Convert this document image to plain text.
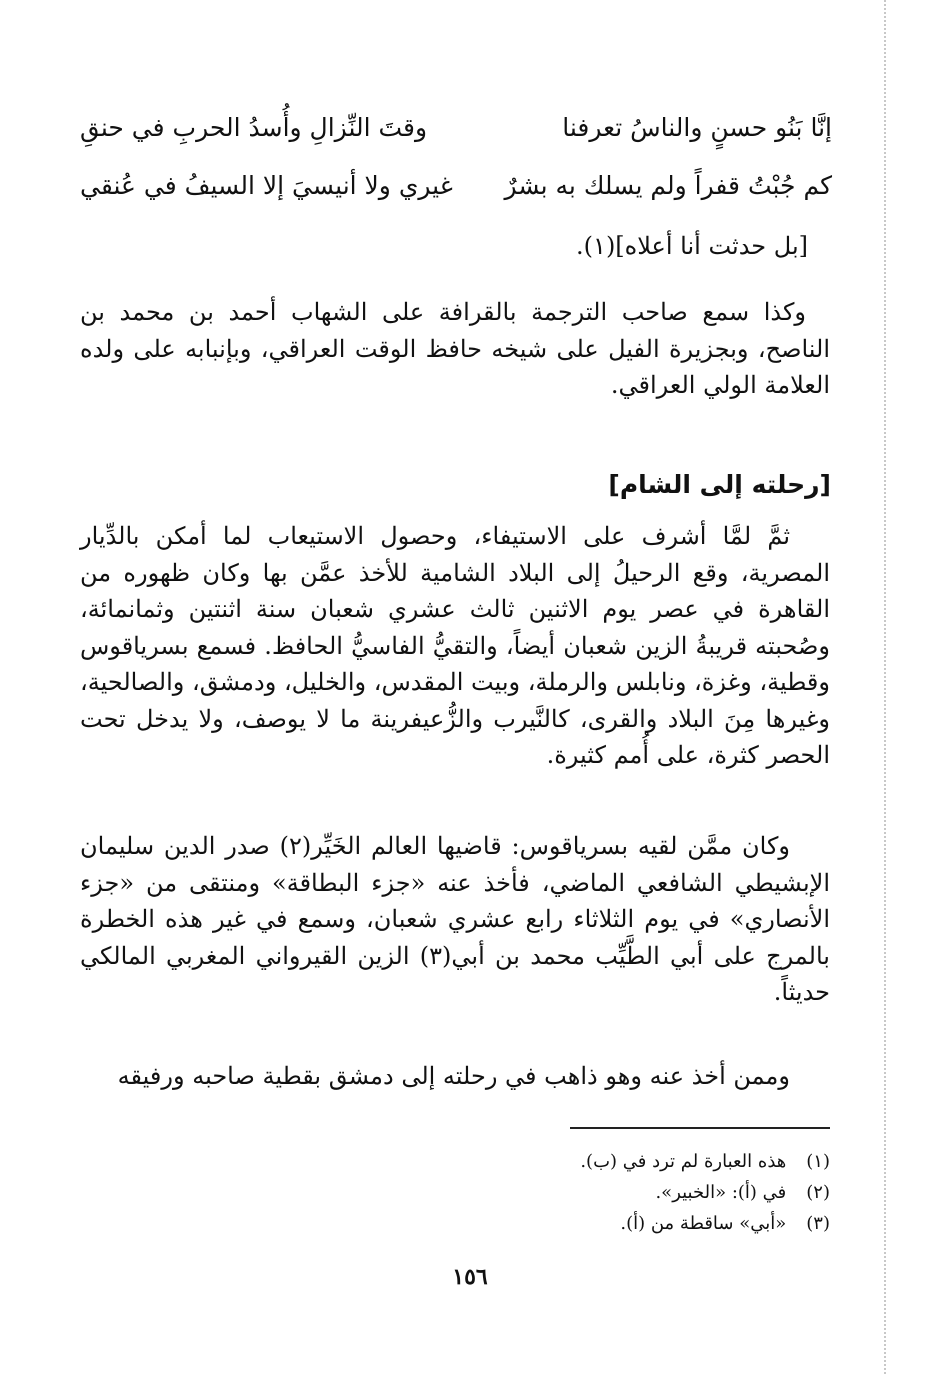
إنَّا بَنُو حسنٍ والناسُ تعرفنا
وقتَ النِّزالِ وأُسدُ الحربِ في حنقِ
كم جُبْتُ قفراً ولم يسلك به بشرٌ
غيري ولا أنيسيَ إلا السيفُ في عُنقي

[بل حدثت أنا أعلاه](١).

وكذا سمع صاحب الترجمة بالقرافة على الشهاب أحمد بن محمد بن الناصح، وبجزيرة الفيل على شيخه حافظ الوقت العراقي، وبإنبابه على ولده العلامة الولي العراقي.

[رحلته إلى الشام]

ثمَّ لمَّا أشرف على الاستيفاء، وحصول الاستيعاب لما أمكن بالدِّيار المصرية، وقع الرحيلُ إلى البلاد الشامية للأخذ عمَّن بها وكان ظهوره من القاهرة في عصر يوم الاثنين ثالث عشري شعبان سنة اثنتين وثمانمائة، وصُحبته قريبةُ الزين شعبان أيضاً، والتقيُّ الفاسيُّ الحافظ. فسمع بسرياقوس وقطية، وغزة، ونابلس والرملة، وبيت المقدس، والخليل، ودمشق، والصالحية، وغيرها مِنَ البلاد والقرى، كالنَّيرب والزُّعيفرينة ما لا يوصف، ولا يدخل تحت الحصر كثرة، على أُمم كثيرة.

وكان ممَّن لقيه بسرياقوس: قاضيها العالم الخَيِّر(٢) صدر الدين سليمان الإبشيطي الشافعي الماضي، فأخذ عنه «جزء البطاقة» ومنتقى من «جزء الأنصاري» في يوم الثلاثاء رابع عشري شعبان، وسمع في غير هذه الخطرة بالمرج على أبي الطَّيِّب محمد بن أبي(٣) الزين القيرواني المغربي المالكي حديثاً.

وممن أخذ عنه وهو ذاهب في رحلته إلى دمشق بقطية صاحبه ورفيقه

(١) هذه العبارة لم ترد في (ب).

(٢) في (أ): «الخبير».

(٣) «أبي» ساقطة من (أ).

١٥٦
